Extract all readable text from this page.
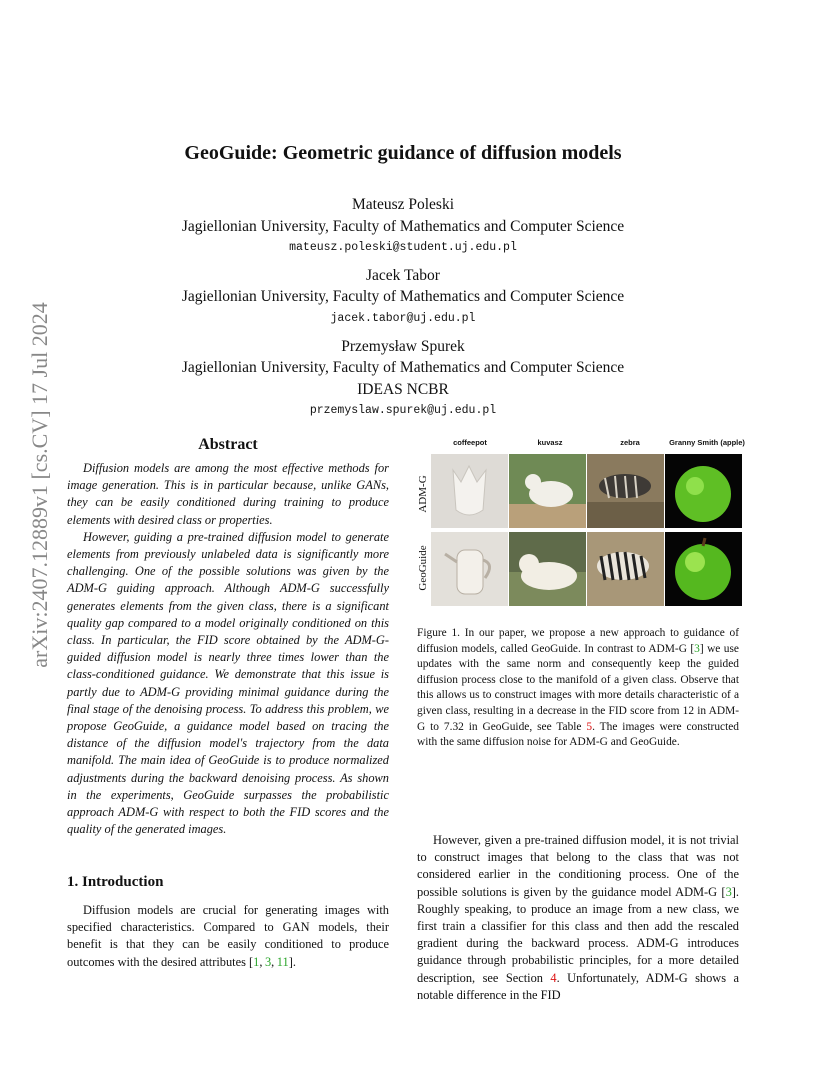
arXiv:2407.12889v1 [cs.CV] 17 Jul 2024
GeoGuide: Geometric guidance of diffusion models
Mateusz Poleski
Jagiellonian University, Faculty of Mathematics and Computer Science
mateusz.poleski@student.uj.edu.pl
Jacek Tabor
Jagiellonian University, Faculty of Mathematics and Computer Science
jacek.tabor@uj.edu.pl
Przemysław Spurek
Jagiellonian University, Faculty of Mathematics and Computer Science
IDEAS NCBR
przemyslaw.spurek@uj.edu.pl
Abstract

Diffusion models are among the most effective methods for image generation. This is in particular because, unlike GANs, they can be easily conditioned during training to produce elements with desired class or properties.

However, guiding a pre-trained diffusion model to generate elements from previously unlabeled data is significantly more challenging. One of the possible solutions was given by the ADM-G guiding approach. Although ADM-G successfully generates elements from the given class, there is a significant quality gap compared to a model originally conditioned on this class. In particular, the FID score obtained by the ADM-G-guided diffusion model is nearly three times lower than the class-conditioned guidance. We demonstrate that this issue is partly due to ADM-G providing minimal guidance during the final stage of the denoising process. To address this problem, we propose GeoGuide, a guidance model based on tracing the distance of the diffusion model's trajectory from the data manifold. The main idea of GeoGuide is to produce normalized adjustments during the backward denoising process. As shown in the experiments, GeoGuide surpasses the probabilistic approach ADM-G with respect to both the FID scores and the quality of the generated images.

1. Introduction

Diffusion models are crucial for generating images with specified characteristics. Compared to GAN models, their benefit is that they can be easily conditioned to produce outcomes with the desired attributes [1, 3, 11].

coffeepot	kuvasz	zebra	Granny Smith (apple)
ADM-G
GeoGuide

Figure 1. In our paper, we propose a new approach to guidance of diffusion models, called GeoGuide. In contrast to ADM-G [3] we use updates with the same norm and consequently keep the guided diffusion process close to the manifold of a given class. Observe that this allows us to construct images with more details characteristic of a given class, resulting in a decrease in the FID score from 12 in ADM-G to 7.32 in GeoGuide, see Table 5. The images were constructed with the same diffusion noise for ADM-G and GeoGuide.

However, given a pre-trained diffusion model, it is not trivial to construct images that belong to the class that was not considered earlier in the conditioning process. One of the possible solutions is given by the guidance model ADM-G [3]. Roughly speaking, to produce an image from a new class, we first train a classifier for this class and then add the rescaled gradient during the backward process. ADM-G introduces guidance through probabilistic principles, for a more detailed description, see Section 4. Unfortunately, ADM-G shows a notable difference in the FID
